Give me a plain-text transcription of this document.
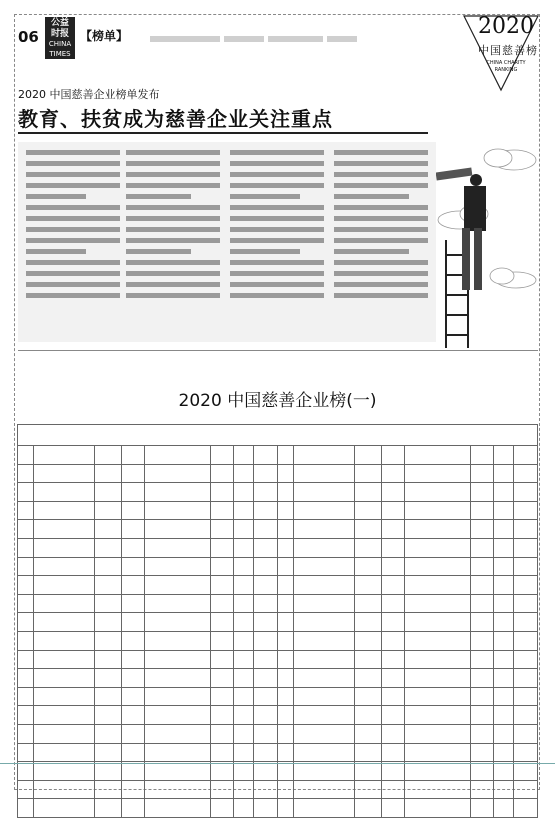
06
公益
时报
CHINA
TIMES
【榜单】	2020
中国慈善榜
CHINA CHARITY RANKING
2020 中国慈善企业榜单发布
教育、扶贫成为慈善企业关注重点
2020 中国慈善企业榜(一)
